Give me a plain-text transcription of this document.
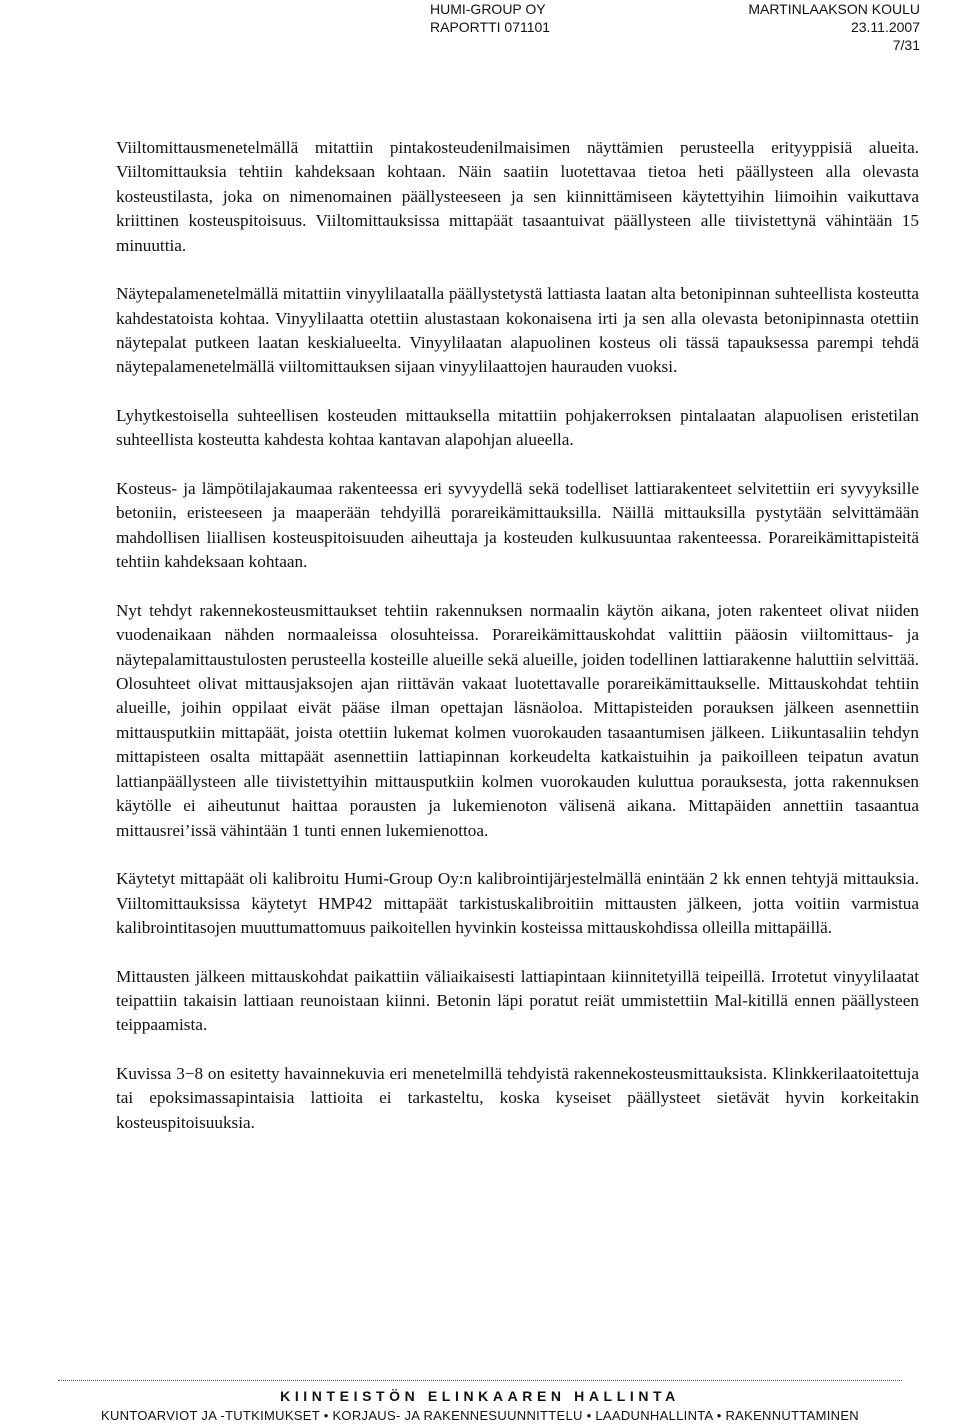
HUMI-GROUP OY
RAPORTTI 071101
MARTINLAAKSON KOULU
23.11.2007
7/31

Viiltomittausmenetelmällä mitattiin pintakosteudenilmaisimen näyttämien perusteella erityyppisiä alueita. Viiltomittauksia tehtiin kahdeksaan kohtaan. Näin saatiin luotettavaa tietoa heti päällysteen alla olevasta kosteustilasta, joka on nimenomainen päällysteeseen ja sen kiinnittämiseen käytettyihin liimoihin vaikuttava kriittinen kosteuspitoisuus. Viiltomittauksissa mittapäät tasaantuivat päällysteen alle tiivistettynä vähintään 15 minuuttia.

Näytepalamenetelmällä mitattiin vinyylilaatalla päällystetystä lattiasta laatan alta betonipinnan suhteellista kosteutta kahdestatoista kohtaa. Vinyylilaatta otettiin alustastaan kokonaisena irti ja sen alla olevasta betonipinnasta otettiin näytepalat putkeen laatan keskialueelta. Vinyylilaatan alapuolinen kosteus oli tässä tapauksessa parempi tehdä näytepalamenetelmällä viiltomittauksen sijaan vinyylilaattojen haurauden vuoksi.

Lyhytkestoisella suhteellisen kosteuden mittauksella mitattiin pohjakerroksen pintalaatan alapuolisen eristetilan suhteellista kosteutta kahdesta kohtaa kantavan alapohjan alueella.

Kosteus- ja lämpötilajakaumaa rakenteessa eri syvyydellä sekä todelliset lattiarakenteet selvitettiin eri syvyyksille betoniin, eristeeseen ja maaperään tehdyillä porareikämittauksilla. Näillä mittauksilla pystytään selvittämään mahdollisen liiallisen kosteuspitoisuuden aiheuttaja ja kosteuden kulkusuuntaa rakenteessa. Porareikämittapisteitä tehtiin kahdeksaan kohtaan.

Nyt tehdyt rakennekosteusmittaukset tehtiin rakennuksen normaalin käytön aikana, joten rakenteet olivat niiden vuodenaikaan nähden normaaleissa olosuhteissa. Porareikämittauskohdat valittiin pääosin viiltomittaus- ja näytepalamittaustulosten perusteella kosteille alueille sekä alueille, joiden todellinen lattiarakenne haluttiin selvittää. Olosuhteet olivat mittausjaksojen ajan riittävän vakaat luotettavalle porareikämittaukselle. Mittauskohdat tehtiin alueille, joihin oppilaat eivät pääse ilman opettajan läsnäoloa. Mittapisteiden porauksen jälkeen asennettiin mittausputkiin mittapäät, joista otettiin lukemat kolmen vuorokauden tasaantumisen jälkeen. Liikuntasaliin tehdyn mittapisteen osalta mittapäät asennettiin lattiapinnan korkeudelta katkaistuihin ja paikoilleen teipatun avatun lattianpäällysteen alle tiivistettyihin mittausputkiin kolmen vuorokauden kuluttua porauksesta, jotta rakennuksen käytölle ei aiheutunut haittaa porausten ja lukemienoton välisenä aikana. Mittapäiden annettiin tasaantua mittausrei’issä vähintään 1 tunti ennen lukemienottoa.

Käytetyt mittapäät oli kalibroitu Humi-Group Oy:n kalibrointijärjestelmällä enintään 2 kk ennen tehtyjä mittauksia. Viiltomittauksissa käytetyt HMP42 mittapäät tarkistuskalibroitiin mittausten jälkeen, jotta voitiin varmistua kalibrointitasojen muuttumattomuus paikoitellen hyvinkin kosteissa mittauskohdissa olleilla mittapäillä.

Mittausten jälkeen mittauskohdat paikattiin väliaikaisesti lattiapintaan kiinnitetyillä teipeillä. Irrotetut vinyylilaatat teipattiin takaisin lattiaan reunoistaan kiinni. Betonin läpi poratut reiät ummistettiin Mal-kitillä ennen päällysteen teippaamista.

Kuvissa 3−8 on esitetty havainnekuvia eri menetelmillä tehdyistä rakennekosteusmittauksista. Klinkkerilaatoitettuja tai epoksimassapintaisia lattioita ei tarkasteltu, koska kyseiset päällysteet sietävät hyvin korkeitakin kosteuspitoisuuksia.

KIINTEISTÖN ELINKAAREN HALLINTA
KUNTOARVIOT JA -TUTKIMUKSET • KORJAUS- JA RAKENNESUUNNITTELU • LAADUNHALLINTA • RAKENNUTTAMINEN
